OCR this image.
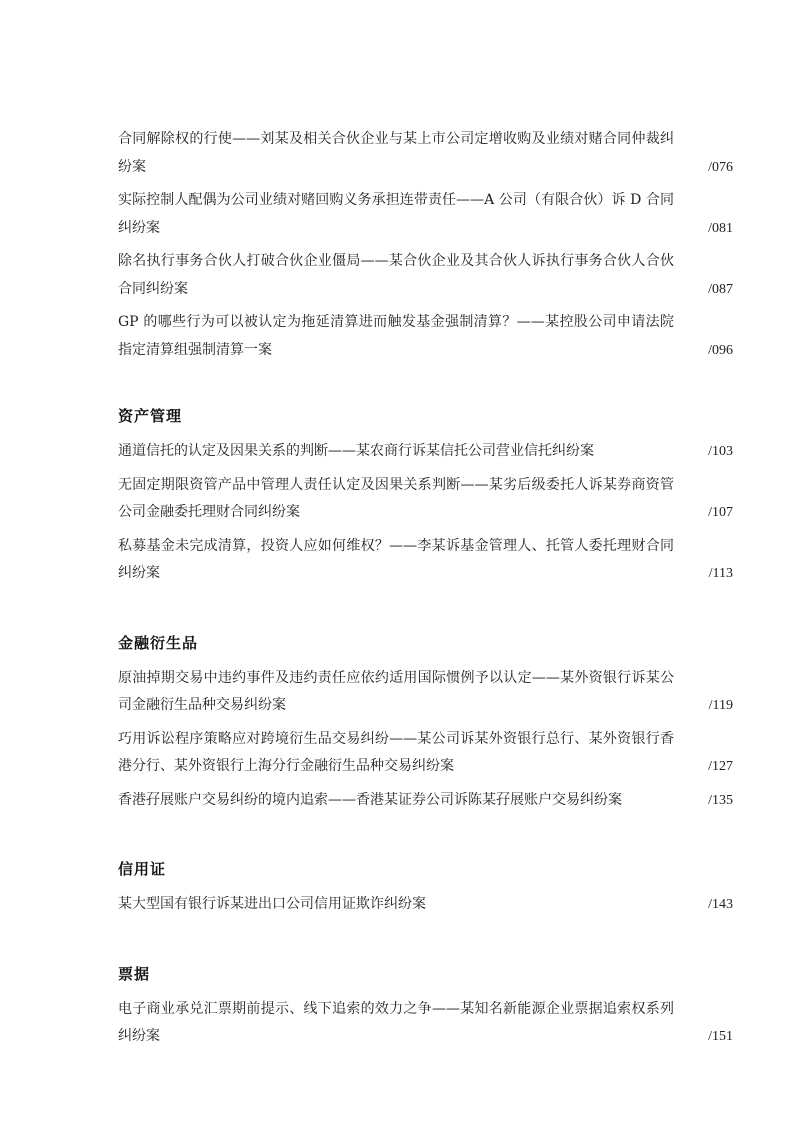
合同解除权的行使——刘某及相关合伙企业与某上市公司定增收购及业绩对赌合同仲裁纠纷案	/076
实际控制人配偶为公司业绩对赌回购义务承担连带责任——A 公司（有限合伙）诉 D 合同纠纷案	/081
除名执行事务合伙人打破合伙企业僵局——某合伙企业及其合伙人诉执行事务合伙人合伙合同纠纷案	/087
GP 的哪些行为可以被认定为拖延清算进而触发基金强制清算？——某控股公司申请法院指定清算组强制清算一案	/096
资产管理
通道信托的认定及因果关系的判断——某农商行诉某信托公司营业信托纠纷案	/103
无固定期限资管产品中管理人责任认定及因果关系判断——某劣后级委托人诉某券商资管公司金融委托理财合同纠纷案	/107
私募基金未完成清算，投资人应如何维权？——李某诉基金管理人、托管人委托理财合同纠纷案	/113
金融衍生品
原油掉期交易中违约事件及违约责任应依约适用国际惯例予以认定——某外资银行诉某公司金融衍生品种交易纠纷案	/119
巧用诉讼程序策略应对跨境衍生品交易纠纷——某公司诉某外资银行总行、某外资银行香港分行、某外资银行上海分行金融衍生品种交易纠纷案	/127
香港孖展账户交易纠纷的境内追索——香港某证券公司诉陈某孖展账户交易纠纷案	/135
信用证
某大型国有银行诉某进出口公司信用证欺诈纠纷案	/143
票据
电子商业承兑汇票期前提示、线下追索的效力之争——某知名新能源企业票据追索权系列纠纷案	/151
